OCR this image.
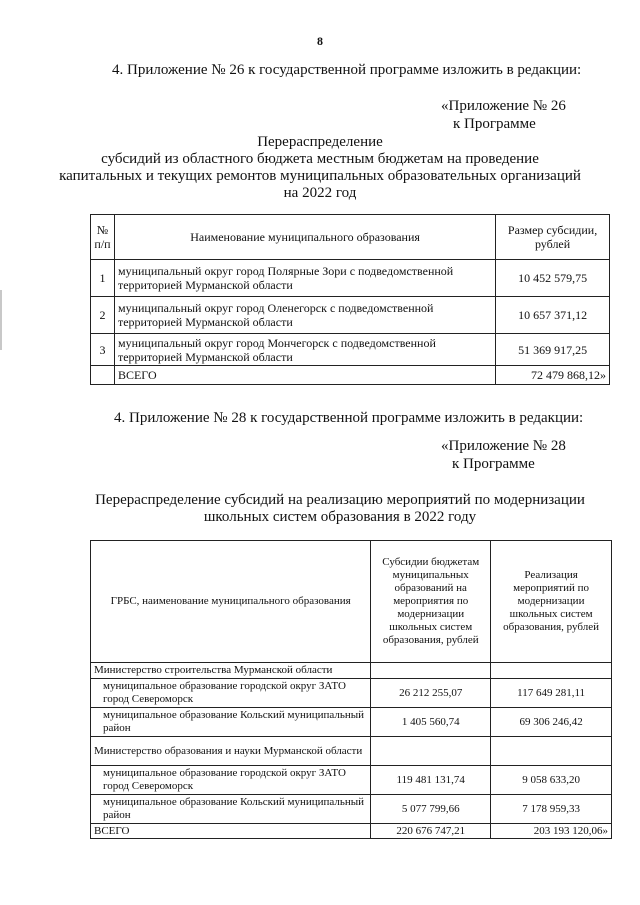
8
4. Приложение № 26 к государственной программе изложить в редакции:
«Приложение № 26
к Программе
Перераспределение
субсидий из областного бюджета местным бюджетам на проведение
капитальных и текущих ремонтов муниципальных образовательных организаций
на 2022 год
№ п/п	Наименование муниципального образования	Размер субсидии, рублей
1	муниципальный округ город Полярные Зори с подведомственной территорией Мурманской области	10 452 579,75
2	муниципальный округ город Оленегорск с подведомственной территорией Мурманской области	10 657 371,12
3	муниципальный округ город Мончегорск с подведомственной территорией Мурманской области	51 369 917,25
	ВСЕГО	72 479 868,12»
4. Приложение № 28 к государственной программе изложить в редакции:
«Приложение № 28
к Программе
Перераспределение субсидий на реализацию мероприятий по модернизации
школьных систем образования в 2022 году
ГРБС, наименование муниципального образования	Субсидии бюджетам муниципальных образований на мероприятия по модернизации школьных систем образования, рублей	Реализация мероприятий по модернизации школьных систем образования, рублей
Министерство строительства Мурманской области		
муниципальное образование городской округ ЗАТО город Североморск	26 212 255,07	117 649 281,11
муниципальное образование Кольский муниципальный район	1 405 560,74	69 306 246,42
Министерство образования и науки Мурманской области		
муниципальное образование городской округ ЗАТО город Североморск	119 481 131,74	9 058 633,20
муниципальное образование Кольский муниципальный район	5 077 799,66	7 178 959,33
ВСЕГО	220 676 747,21	203 193 120,06»
